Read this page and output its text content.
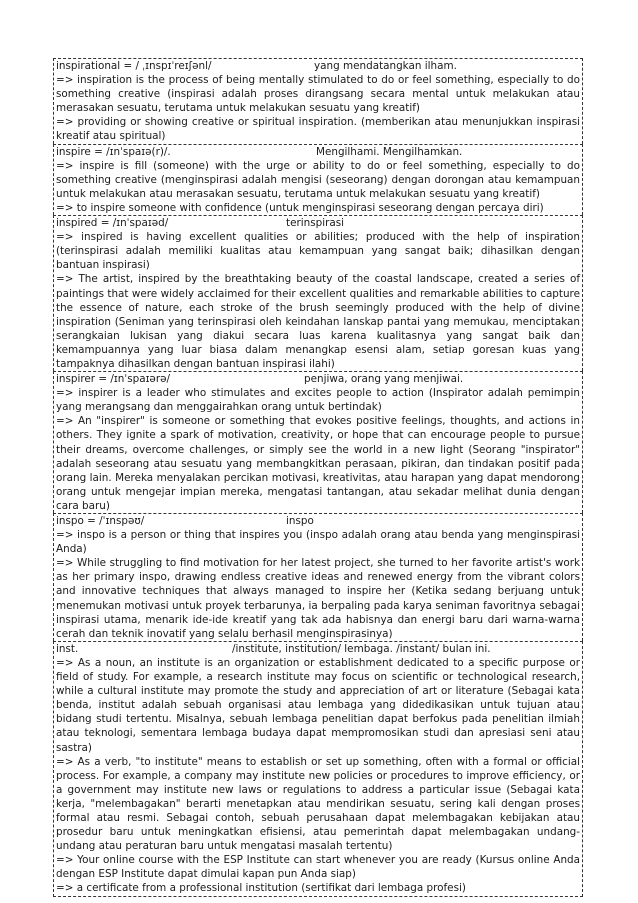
inspirational = / ˌɪnspɪˈreɪʃənl/	yang mendatangkan ilham.

=> inspiration is the process of being mentally stimulated to do or feel something, especially to do something creative (inspirasi adalah proses dirangsang secara mental untuk melakukan atau merasakan sesuatu, terutama untuk melakukan sesuatu yang kreatif)

=> providing or showing creative or spiritual inspiration. (memberikan atau menunjukkan inspirasi kreatif atau spiritual)

inspire = /ɪnˈspaɪə(r)/.	Mengilhami. Mengilhamkan.

=> inspire is fill (someone) with the urge or ability to do or feel something, especially to do something creative (menginspirasi adalah mengisi (seseorang) dengan dorongan atau kemampuan untuk melakukan atau merasakan sesuatu, terutama untuk melakukan sesuatu yang kreatif)

=> to inspire someone with confidence (untuk menginspirasi seseorang dengan percaya diri)

inspired = /ɪnˈspaɪəd/	terinspirasi

=> inspired is having excellent qualities or abilities; produced with the help of inspiration (terinspirasi adalah memiliki kualitas atau kemampuan yang sangat baik; dihasilkan dengan bantuan inspirasi)

=> The artist, inspired by the breathtaking beauty of the coastal landscape, created a series of paintings that were widely acclaimed for their excellent qualities and remarkable abilities to capture the essence of nature, each stroke of the brush seemingly produced with the help of divine inspiration (Seniman yang terinspirasi oleh keindahan lanskap pantai yang memukau, menciptakan serangkaian lukisan yang diakui secara luas karena kualitasnya yang sangat baik dan kemampuannya yang luar biasa dalam menangkap esensi alam, setiap goresan kuas yang tampaknya dihasilkan dengan bantuan inspirasi ilahi)

inspirer = /ɪnˈspaɪərə/	penjiwa, orang yang menjiwai.

=> inspirer is a leader who stimulates and excites people to action (Inspirator adalah pemimpin yang merangsang dan menggairahkan orang untuk bertindak)

=> An "inspirer" is someone or something that evokes positive feelings, thoughts, and actions in others. They ignite a spark of motivation, creativity, or hope that can encourage people to pursue their dreams, overcome challenges, or simply see the world in a new light (Seorang "inspirator" adalah seseorang atau sesuatu yang membangkitkan perasaan, pikiran, dan tindakan positif pada orang lain. Mereka menyalakan percikan motivasi, kreativitas, atau harapan yang dapat mendorong orang untuk mengejar impian mereka, mengatasi tantangan, atau sekadar melihat dunia dengan cara baru)

inspo = /ˈɪnspəʊ/	inspo

=> inspo is a person or thing that inspires you (inspo adalah orang atau benda yang menginspirasi Anda)

=> While struggling to find motivation for her latest project, she turned to her favorite artist's work as her primary inspo, drawing endless creative ideas and renewed energy from the vibrant colors and innovative techniques that always managed to inspire her (Ketika sedang berjuang untuk menemukan motivasi untuk proyek terbarunya, ia berpaling pada karya seniman favoritnya sebagai inspirasi utama, menarik ide-ide kreatif yang tak ada habisnya dan energi baru dari warna-warna cerah dan teknik inovatif yang selalu berhasil menginspirasinya)

inst.	/institute, institution/ lembaga. /instant/ bulan ini.

=> As a noun, an institute is an organization or establishment dedicated to a specific purpose or field of study. For example, a research institute may focus on scientific or technological research, while a cultural institute may promote the study and appreciation of art or literature (Sebagai kata benda, institut adalah sebuah organisasi atau lembaga yang didedikasikan untuk tujuan atau bidang studi tertentu. Misalnya, sebuah lembaga penelitian dapat berfokus pada penelitian ilmiah atau teknologi, sementara lembaga budaya dapat mempromosikan studi dan apresiasi seni atau sastra)

=> As a verb, "to institute" means to establish or set up something, often with a formal or official process. For example, a company may institute new policies or procedures to improve efficiency, or a government may institute new laws or regulations to address a particular issue (Sebagai kata kerja, "melembagakan" berarti menetapkan atau mendirikan sesuatu, sering kali dengan proses formal atau resmi. Sebagai contoh, sebuah perusahaan dapat melembagakan kebijakan atau prosedur baru untuk meningkatkan efisiensi, atau pemerintah dapat melembagakan undang-undang atau peraturan baru untuk mengatasi masalah tertentu)

=> Your online course with the ESP Institute can start whenever you are ready (Kursus online Anda dengan ESP Institute dapat dimulai kapan pun Anda siap)

=> a certificate from a professional institution (sertifikat dari lembaga profesi)
